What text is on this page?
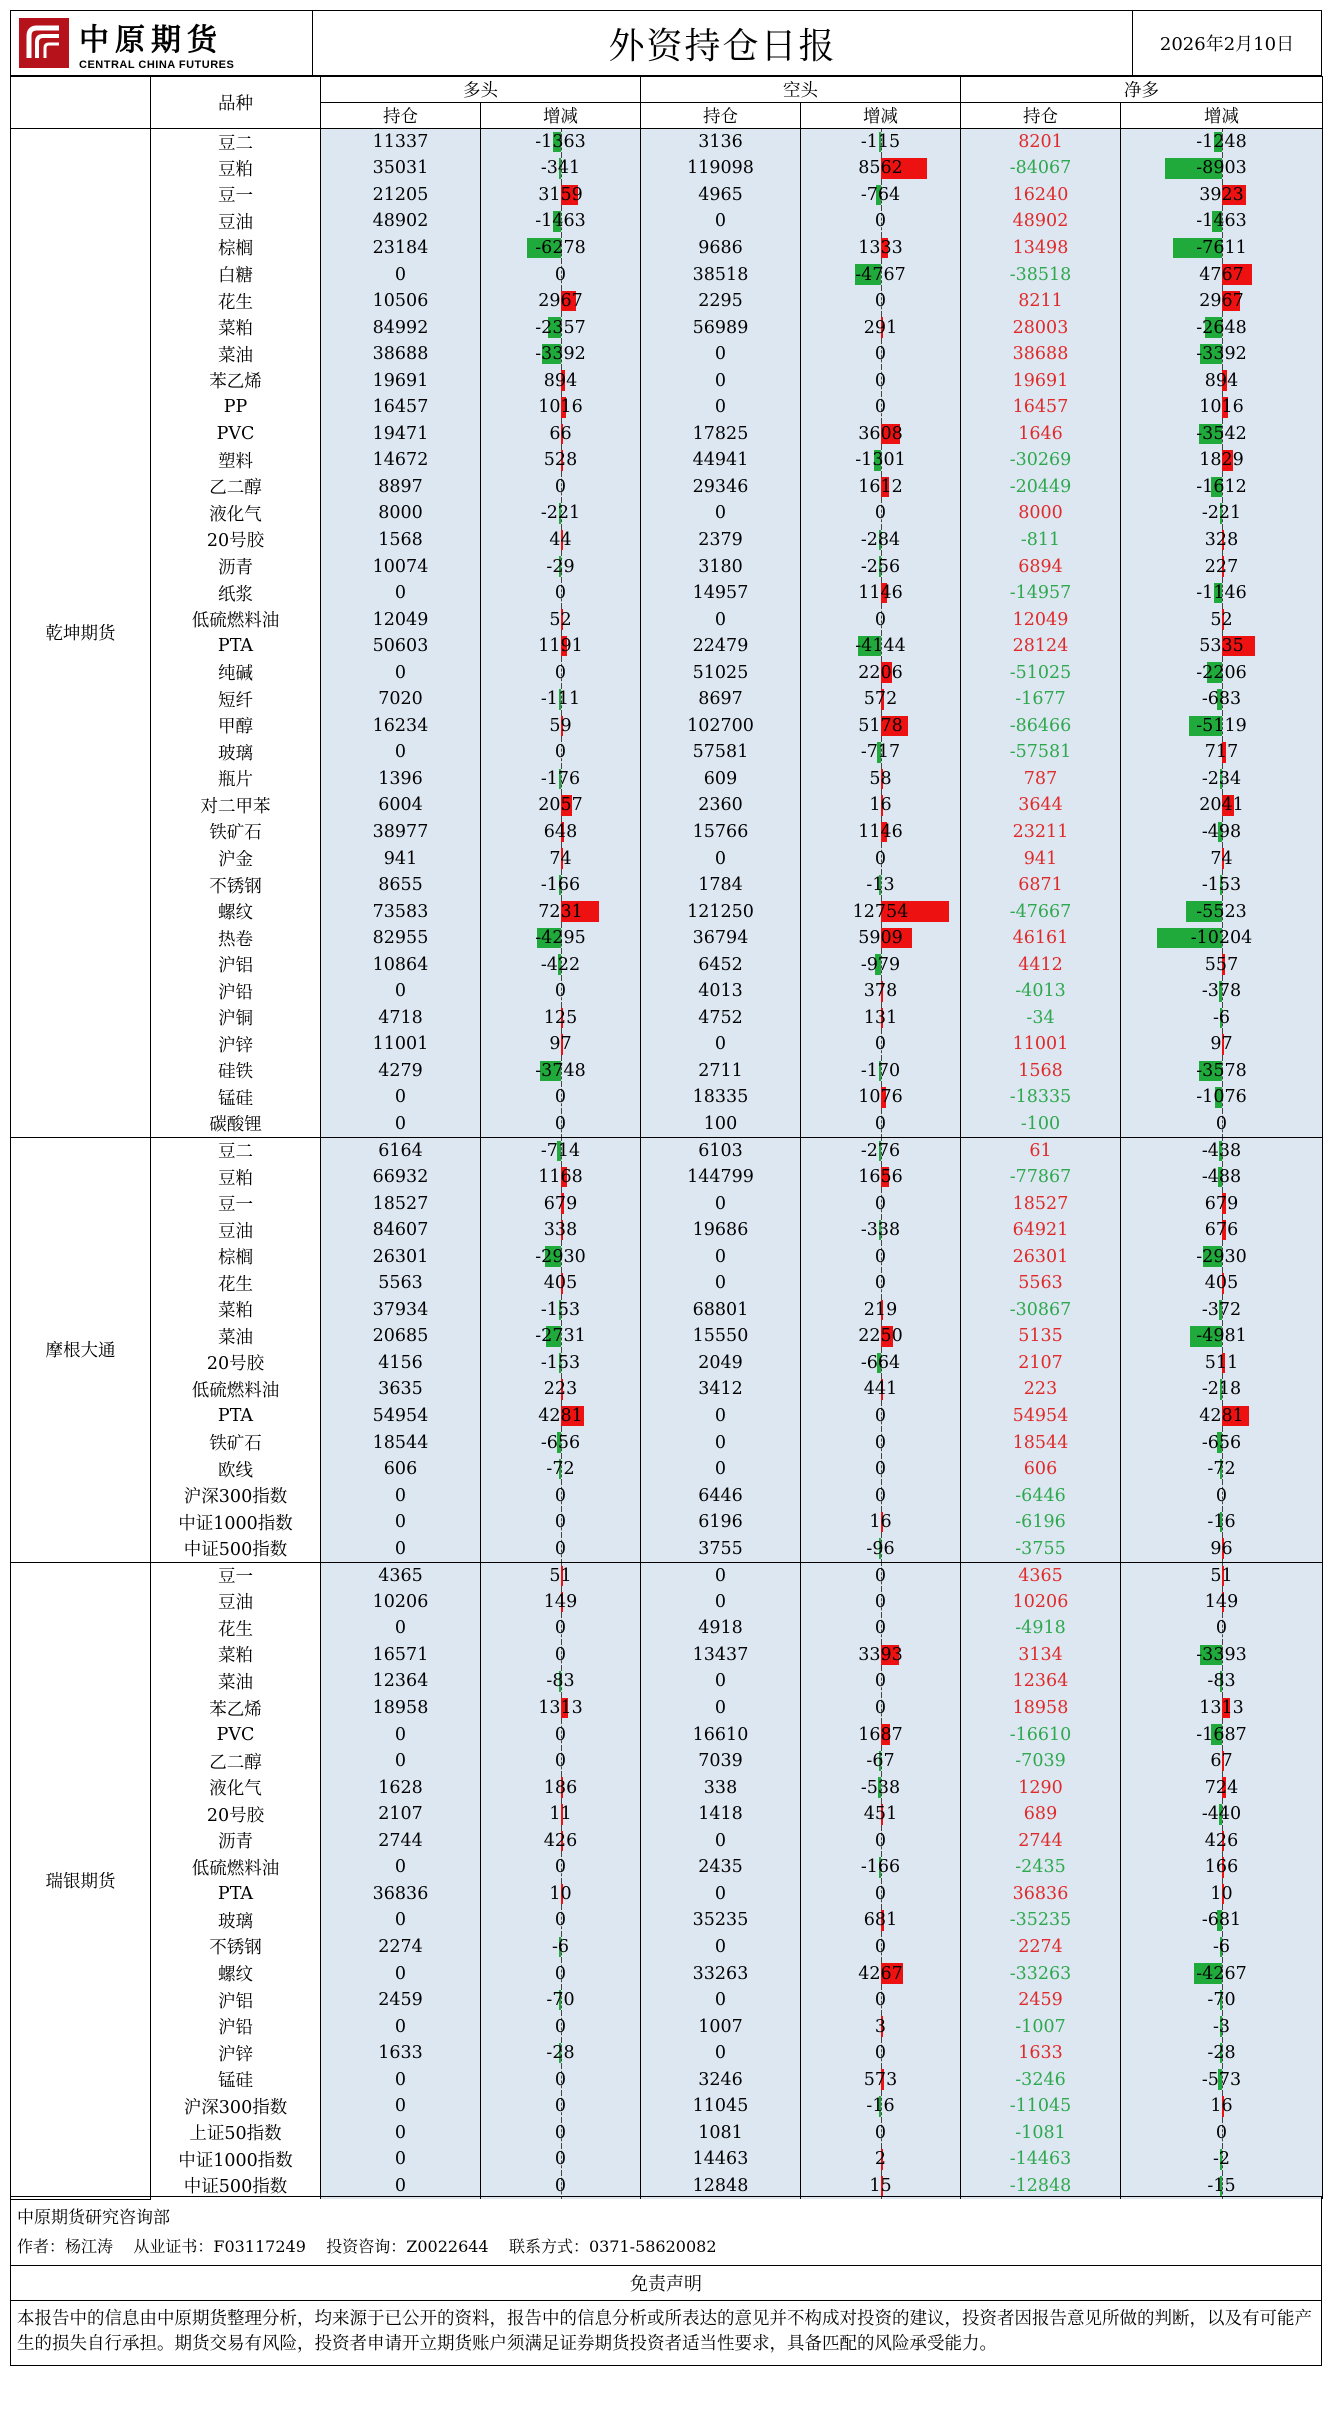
中原期货
CENTRAL CHINA FUTURES	外资持仓日报	2026年2月10日
	品种	多头		空头		净多	
		持仓	增减	持仓	增减	持仓	增减
乾坤期货	豆二	11337	-1363	3136	-115	8201	-1248
	豆粕	35031	-341	119098	8562	-84067	-8903
	豆一	21205	3159	4965	-764	16240	3923
	豆油	48902	-1463	0	0	48902	-1463
	棕榈	23184	-6278	9686	1333	13498	-7611
	白糖	0	0	38518	-4767	-38518	4767
	花生	10506	2967	2295	0	8211	2967
	菜粕	84992	-2357	56989	291	28003	-2648
	菜油	38688	-3392	0	0	38688	-3392
	苯乙烯	19691	894	0	0	19691	894
	PP	16457	1016	0	0	16457	1016
	PVC	19471	66	17825	3608	1646	-3542
	塑料	14672	528	44941	-1301	-30269	1829
	乙二醇	8897	0	29346	1612	-20449	-1612
	液化气	8000	-221	0	0	8000	-221
	20号胶	1568	44	2379	-284	-811	328
	沥青	10074	-29	3180	-256	6894	227
	纸浆	0	0	14957	1146	-14957	-1146
	低硫燃料油	12049	52	0	0	12049	52
	PTA	50603	1191	22479	-4144	28124	5335
	纯碱	0	0	51025	2206	-51025	-2206
	短纤	7020	-111	8697	572	-1677	-683
	甲醇	16234	59	102700	5178	-86466	-5119
	玻璃	0	0	57581	-717	-57581	717
	瓶片	1396	-176	609	58	787	-234
	对二甲苯	6004	2057	2360	16	3644	2041
	铁矿石	38977	648	15766	1146	23211	-498
	沪金	941	74	0	0	941	74
	不锈钢	8655	-166	1784	-13	6871	-153
	螺纹	73583	7231	121250	12754	-47667	-5523
	热卷	82955	-4295	36794	5909	46161	-10204
	沪铝	10864	-422	6452	-979	4412	557
	沪铅	0	0	4013	378	-4013	-378
	沪铜	4718	125	4752	131	-34	-6
	沪锌	11001	97	0	0	11001	97
	硅铁	4279	-3748	2711	-170	1568	-3578
	锰硅	0	0	18335	1076	-18335	-1076
	碳酸锂	0	0	100	0	-100	0
摩根大通	豆二	6164	-714	6103	-276	61	-438
	豆粕	66932	1168	144799	1656	-77867	-488
	豆一	18527	679	0	0	18527	679
	豆油	84607	338	19686	-338	64921	676
	棕榈	26301	-2930	0	0	26301	-2930
	花生	5563	405	0	0	5563	405
	菜粕	37934	-153	68801	219	-30867	-372
	菜油	20685	-2731	15550	2250	5135	-4981
	20号胶	4156	-153	2049	-664	2107	511
	低硫燃料油	3635	223	3412	441	223	-218
	PTA	54954	4281	0	0	54954	4281
	铁矿石	18544	-656	0	0	18544	-656
	欧线	606	-72	0	0	606	-72
	沪深300指数	0	0	6446	0	-6446	0
	中证1000指数	0	0	6196	16	-6196	-16
	中证500指数	0	0	3755	-96	-3755	96
瑞银期货	豆一	4365	51	0	0	4365	51
	豆油	10206	149	0	0	10206	149
	花生	0	0	4918	0	-4918	0
	菜粕	16571	0	13437	3393	3134	-3393
	菜油	12364	-83	0	0	12364	-83
	苯乙烯	18958	1313	0	0	18958	1313
	PVC	0	0	16610	1687	-16610	-1687
	乙二醇	0	0	7039	-67	-7039	67
	液化气	1628	186	338	-538	1290	724
	20号胶	2107	11	1418	451	689	-440
	沥青	2744	426	0	0	2744	426
	低硫燃料油	0	0	2435	-166	-2435	166
	PTA	36836	10	0	0	36836	10
	玻璃	0	0	35235	681	-35235	-681
	不锈钢	2274	-6	0	0	2274	-6
	螺纹	0	0	33263	4267	-33263	-4267
	沪铝	2459	-70	0	0	2459	-70
	沪铅	0	0	1007	3	-1007	-3
	沪锌	1633	-28	0	0	1633	-28
	锰硅	0	0	3246	573	-3246	-573
	沪深300指数	0	0	11045	-16	-11045	16
	上证50指数	0	0	1081	0	-1081	0
	中证1000指数	0	0	14463	2	-14463	-2
	中证500指数	0	0	12848	15	-12848	-15
中原期货研究咨询部
作者：杨江涛    从业证书：F03117249    投资咨询：Z0022644    联系方式：0371-58620082
免责声明
本报告中的信息由中原期货整理分析，均来源于已公开的资料，报告中的信息分析或所表达的意见并不构成对投资的建议，投资者因报告意见所做的判断，以及有可能产生的损失自行承担。期货交易有风险，投资者申请开立期货账户须满足证券期货投资者适当性要求，具备匹配的风险承受能力。
